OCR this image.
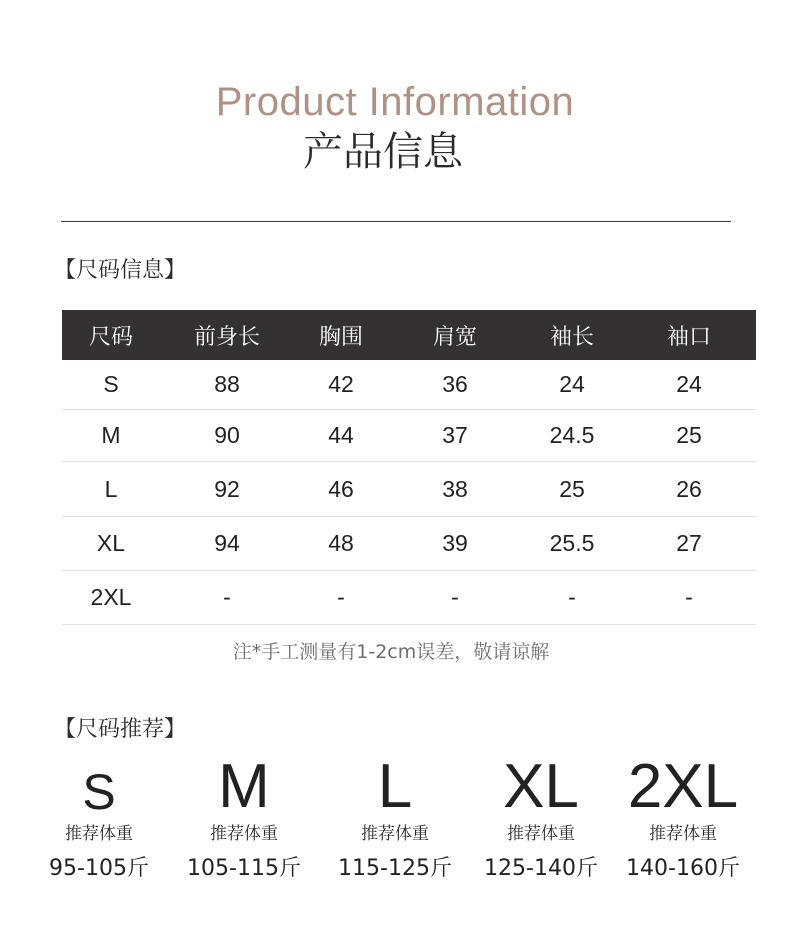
Product Information
产品信息
【尺码信息】
尺码	前身长	胸围	肩宽	袖长	袖口
S	88	42	36	24	24
M	90	44	37	24.5	25
L	92	46	38	25	26
XL	94	48	39	25.5	27
2XL	-	-	-	-	-
注*手工测量有1-2cm误差，敬请谅解
【尺码推荐】
S
推荐体重
95-105斤
M
推荐体重
105-115斤
L
推荐体重
115-125斤
XL
推荐体重
125-140斤
2XL
推荐体重
140-160斤
